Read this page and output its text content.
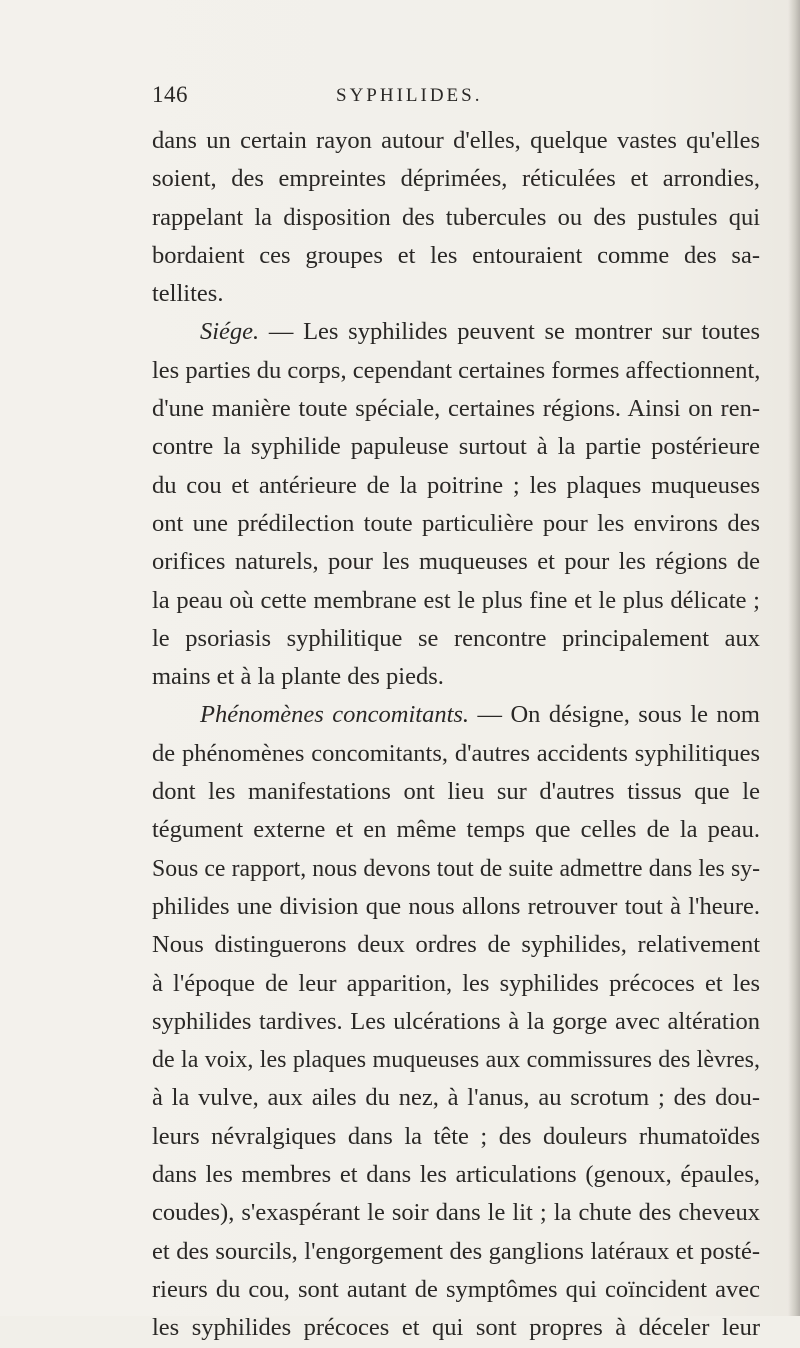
146	SYPHILIDES.
dans un certain rayon autour d'elles, quelque vastes qu'elles
soient, des empreintes déprimées, réticulées et arrondies,
rappelant la disposition des tubercules ou des pustules qui
bordaient ces groupes et les entouraient comme des sa-
tellites.
Siége. — Les syphilides peuvent se montrer sur toutes
les parties du corps, cependant certaines formes affectionnent,
d'une manière toute spéciale, certaines régions. Ainsi on ren-
contre la syphilide papuleuse surtout à la partie postérieure
du cou et antérieure de la poitrine ; les plaques muqueuses
ont une prédilection toute particulière pour les environs des
orifices naturels, pour les muqueuses et pour les régions de
la peau où cette membrane est le plus fine et le plus délicate ;
le psoriasis syphilitique se rencontre principalement aux
mains et à la plante des pieds.
Phénomènes concomitants. — On désigne, sous le nom
de phénomènes concomitants, d'autres accidents syphilitiques
dont les manifestations ont lieu sur d'autres tissus que le
tégument externe et en même temps que celles de la peau.
Sous ce rapport, nous devons tout de suite admettre dans les sy-
philides une division que nous allons retrouver tout à l'heure.
Nous distinguerons deux ordres de syphilides, relativement
à l'époque de leur apparition, les syphilides précoces et les
syphilides tardives. Les ulcérations à la gorge avec altération
de la voix, les plaques muqueuses aux commissures des lèvres,
à la vulve, aux ailes du nez, à l'anus, au scrotum ; des dou-
leurs névralgiques dans la tête ; des douleurs rhumatoïdes
dans les membres et dans les articulations (genoux, épaules,
coudes), s'exaspérant le soir dans le lit ; la chute des cheveux
et des sourcils, l'engorgement des ganglions latéraux et posté-
rieurs du cou, sont autant de symptômes qui coïncident avec
les syphilides précoces et qui sont propres à déceler leur
